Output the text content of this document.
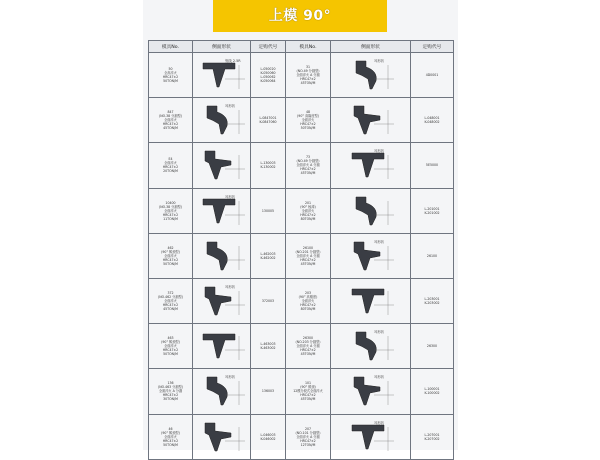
上模 90°
模具No.	侧面形状	定购代号	模具No.	侧面形状	定购代号

50
全高淬火
HRC47±2
50TON/M	刻线 2.5R	L-050020
K-050060
L-050062
K-050064	31
(NO.49 分割型)
全面淬火 A 分割
HRC47±2
45TON/M	耳形状	4D0001

847
(NO.38 分割型)
全面淬火
HRC47±2
45TON/M	耳形状	L-0847001
K-0847060	48
(90° 高隆度型)
全面淬火
HRC47±2
50TON/M		L-048001
K-048002

E4
全面淬火
HRC47±2
20TON/M		L-130003
K-130002	73
(NO.49 分割型)
全面淬火 A 分割
HRC47±2
45TON/M	耳形状	5E5000

10400
(NO.38 分割型)
全面淬火
HRC47±2
11TON/M	耳形状	130005	201
(90° 極薄)
全面淬火
HRC47±2
80TON/M		L-201001
K-201002

462
(90° 鹤颈型)
全面淬火
HRC47±2
50TON/M		L-462003
K-462002	26100
(NO.201 分割型)
全面淬火 A 分割
HRC47±2
45TON/M	耳形状	26100

372
(NO.462 分割型)
全面淬火
HRC47±2
45TON/M	耳形状	372003	203
(90° 高刚度)
全面淬火
HRC47±2
80TON/M		L-203001
K-203002

463
(90° 鹤颈型)
全面淬火
HRC47±2
50TON/M		L-463003
K-463002	26300
(NO.203 分割型)
全面淬火 A 分割
HRC47±2
45TON/M	耳形状	26300

136
(NO.463 分割型)
全面淬火 A 分割
HRC47±2
30TON/M	耳形状	136003	101
(90° 鹤颈)
12模分段式全面淬火
HRC47±2
45TON/M	耳形状	L-100001
K-100002

46
(90° 鹤颈型)
全面淬火
HRC47±2
50TON/M		L-046003
K-046002	207
(NO.101 分割型)
全面淬火 A 分割
HRC47±2
12TON/M	耳形状	L-207001
K-207002
